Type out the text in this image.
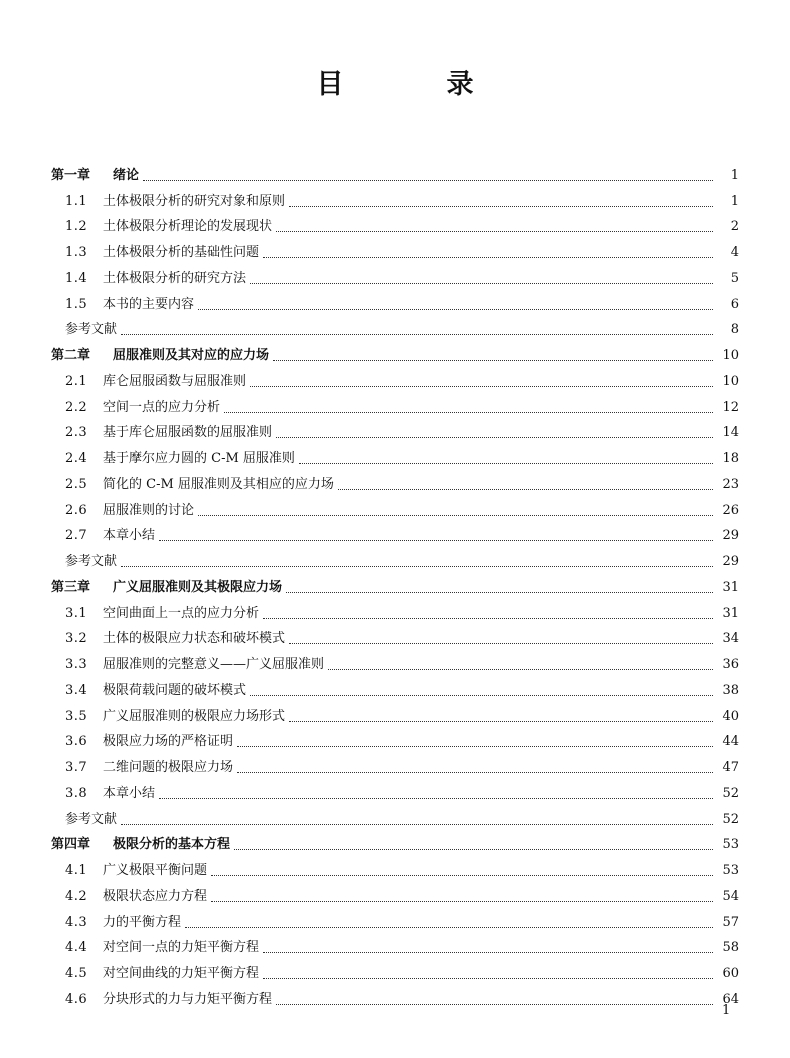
目　录
第一章	绪论	1
1.1	土体极限分析的研究对象和原则	1
1.2	土体极限分析理论的发展现状	2
1.3	土体极限分析的基础性问题	4
1.4	土体极限分析的研究方法	5
1.5	本书的主要内容	6
参考文献	8
第二章	屈服准则及其对应的应力场	10
2.1	库仑屈服函数与屈服准则	10
2.2	空间一点的应力分析	12
2.3	基于库仑屈服函数的屈服准则	14
2.4	基于摩尔应力圆的 C-M 屈服准则	18
2.5	简化的 C-M 屈服准则及其相应的应力场	23
2.6	屈服准则的讨论	26
2.7	本章小结	29
参考文献	29
第三章	广义屈服准则及其极限应力场	31
3.1	空间曲面上一点的应力分析	31
3.2	土体的极限应力状态和破坏模式	34
3.3	屈服准则的完整意义——广义屈服准则	36
3.4	极限荷载问题的破坏模式	38
3.5	广义屈服准则的极限应力场形式	40
3.6	极限应力场的严格证明	44
3.7	二维问题的极限应力场	47
3.8	本章小结	52
参考文献	52
第四章	极限分析的基本方程	53
4.1	广义极限平衡问题	53
4.2	极限状态应力方程	54
4.3	力的平衡方程	57
4.4	对空间一点的力矩平衡方程	58
4.5	对空间曲线的力矩平衡方程	60
4.6	分块形式的力与力矩平衡方程	64
1
